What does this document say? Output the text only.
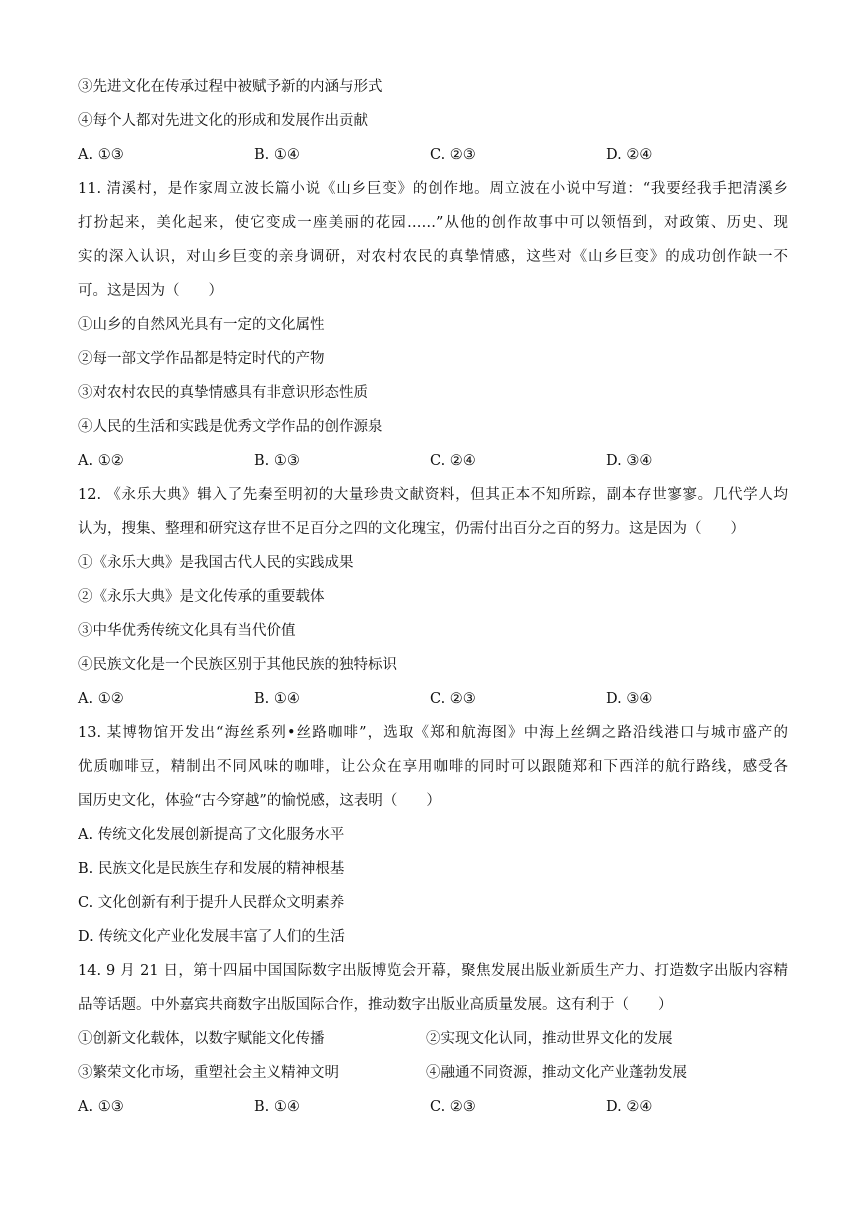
③先进文化在传承过程中被赋予新的内涵与形式
④每个人都对先进文化的形成和发展作出贡献
A. ①③	B. ①④	C. ②③	D. ②④
11. 清溪村，是作家周立波长篇小说《山乡巨变》的创作地。周立波在小说中写道：“我要经我手把清溪乡
打扮起来，美化起来，使它变成一座美丽的花园……”从他的创作故事中可以领悟到，对政策、历史、现
实的深入认识，对山乡巨变的亲身调研，对农村农民的真挚情感，这些对《山乡巨变》的成功创作缺一不
可。这是因为（　　）
①山乡的自然风光具有一定的文化属性
②每一部文学作品都是特定时代的产物
③对农村农民的真挚情感具有非意识形态性质
④人民的生活和实践是优秀文学作品的创作源泉
A. ①②	B. ①③	C. ②④	D. ③④
12. 《永乐大典》辑入了先秦至明初的大量珍贵文献资料，但其正本不知所踪，副本存世寥寥。几代学人均
认为，搜集、整理和研究这存世不足百分之四的文化瑰宝，仍需付出百分之百的努力。这是因为（　　）
①《永乐大典》是我国古代人民的实践成果
②《永乐大典》是文化传承的重要载体
③中华优秀传统文化具有当代价值
④民族文化是一个民族区别于其他民族的独特标识
A. ①②	B. ①④	C. ②③	D. ③④
13. 某博物馆开发出“海丝系列•丝路咖啡”，选取《郑和航海图》中海上丝绸之路沿线港口与城市盛产的
优质咖啡豆，精制出不同风味的咖啡，让公众在享用咖啡的同时可以跟随郑和下西洋的航行路线，感受各
国历史文化，体验“古今穿越”的愉悦感，这表明（　　）
A. 传统文化发展创新提高了文化服务水平
B. 民族文化是民族生存和发展的精神根基
C. 文化创新有利于提升人民群众文明素养
D. 传统文化产业化发展丰富了人们的生活
14. 9 月 21 日，第十四届中国国际数字出版博览会开幕，聚焦发展出版业新质生产力、打造数字出版内容精
品等话题。中外嘉宾共商数字出版国际合作，推动数字出版业高质量发展。这有利于（　　）
①创新文化载体，以数字赋能文化传播	②实现文化认同，推动世界文化的发展
③繁荣文化市场，重塑社会主义精神文明	④融通不同资源，推动文化产业蓬勃发展
A. ①③	B. ①④	C. ②③	D. ②④
